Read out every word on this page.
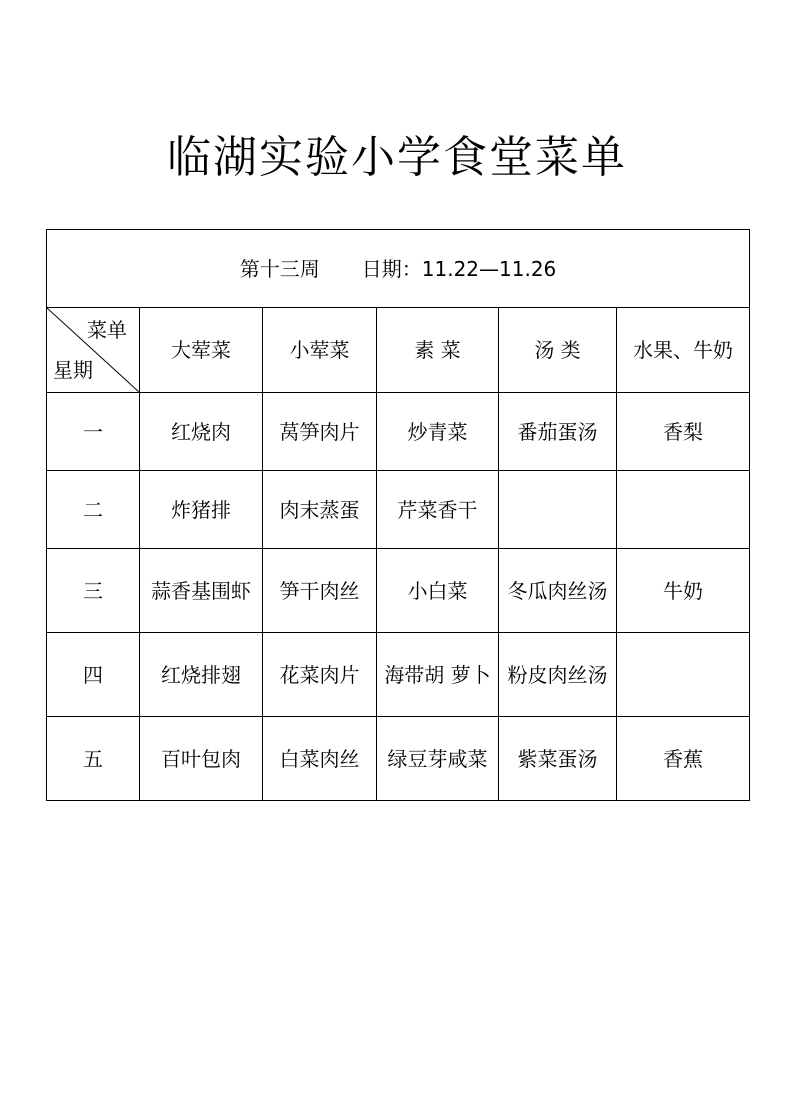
临湖实验小学食堂菜单
第十三周 日期：11.22—11.26					

菜单
星期	大荤菜	小荤菜	素 菜	汤 类	水果、牛奶
一	红烧肉	莴笋肉片	炒青菜	番茄蛋汤	香梨
二	炸猪排	肉末蒸蛋	芹菜香干		
三	蒜香基围虾	笋干肉丝	小白菜	冬瓜肉丝汤	牛奶
四	红烧排翅	花菜肉片	海带胡 萝卜	粉皮肉丝汤	
五	百叶包肉	白菜肉丝	绿豆芽咸菜	紫菜蛋汤	香蕉
